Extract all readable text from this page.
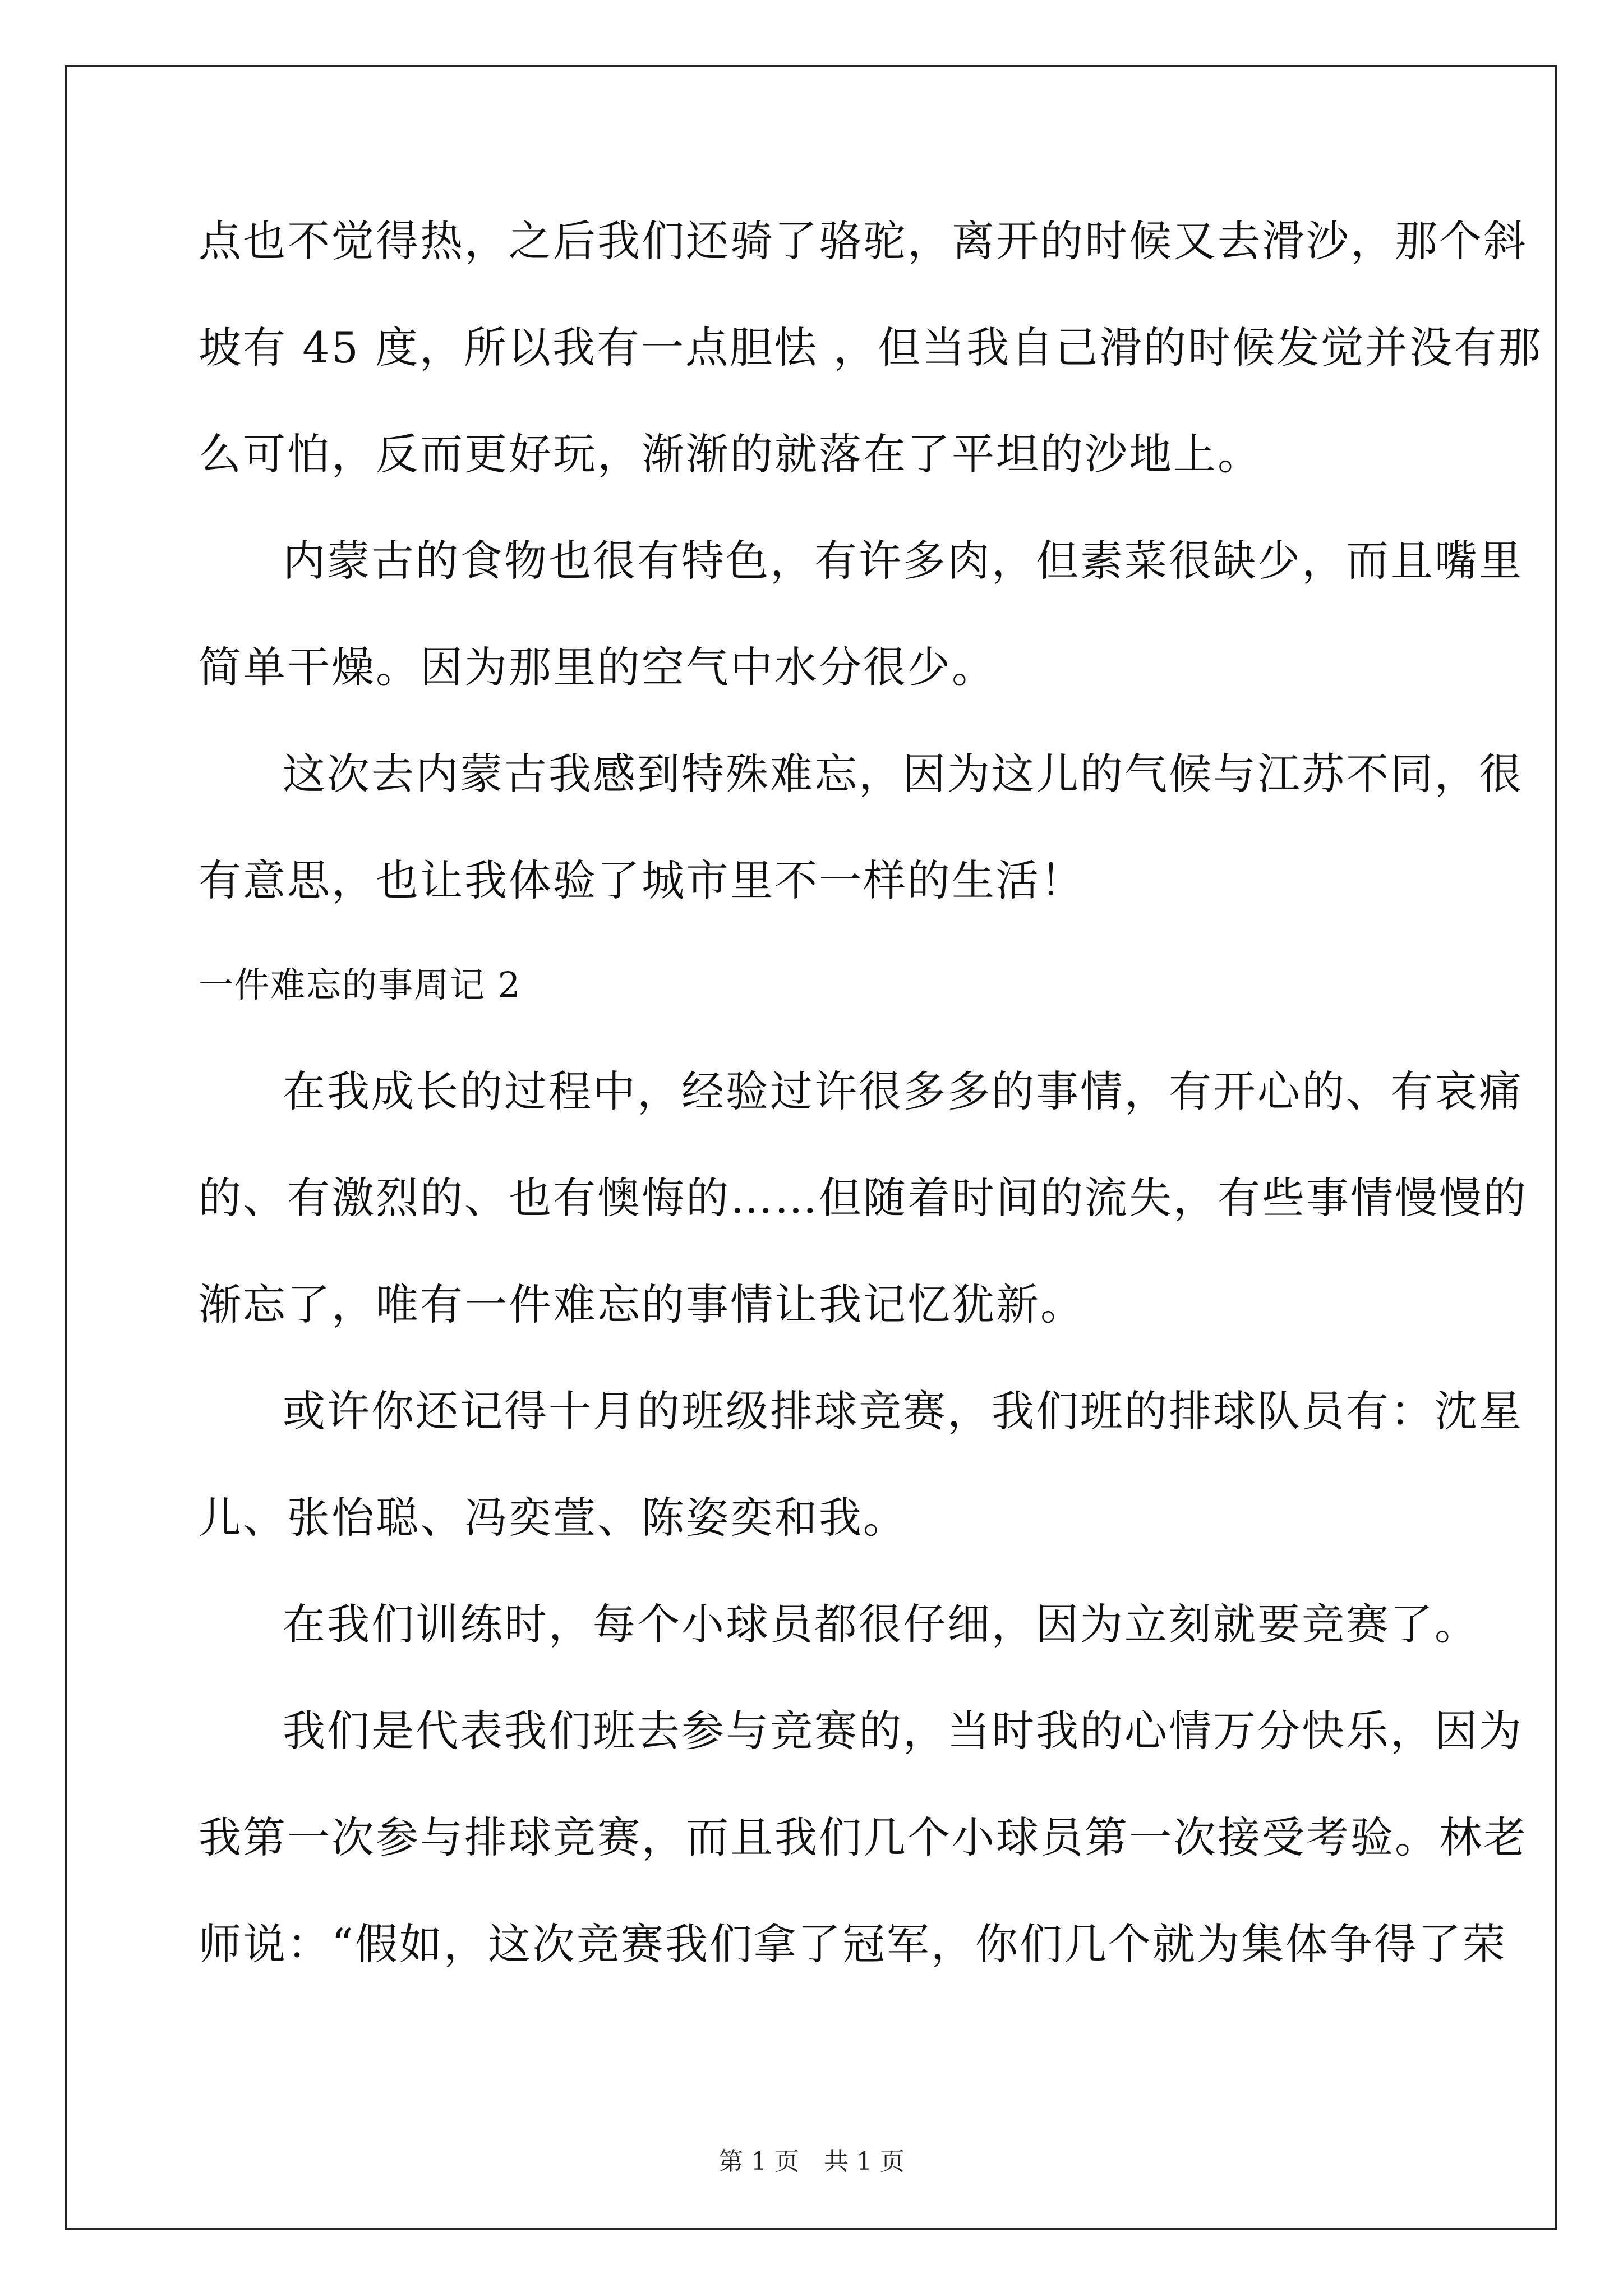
点也不觉得热，之后我们还骑了骆驼，离开的时候又去滑沙，那个斜
坡有 45 度，所以我有一点胆怯 ，但当我自己滑的时候发觉并没有那
么可怕，反而更好玩，渐渐的就落在了平坦的沙地上。
内蒙古的食物也很有特色，有许多肉，但素菜很缺少，而且嘴里
简单干燥。因为那里的空气中水分很少。
这次去内蒙古我感到特殊难忘，因为这儿的气候与江苏不同，很
有意思，也让我体验了城市里不一样的生活！
一件难忘的事周记 2
在我成长的过程中，经验过许很多多的事情，有开心的、有哀痛
的、有激烈的、也有懊悔的……但随着时间的流失，有些事情慢慢的
渐忘了，唯有一件难忘的事情让我记忆犹新。
或许你还记得十月的班级排球竞赛，我们班的排球队员有：沈星
儿、张怡聪、冯奕萱、陈姿奕和我。
在我们训练时，每个小球员都很仔细，因为立刻就要竞赛了。
我们是代表我们班去参与竞赛的，当时我的心情万分快乐，因为
我第一次参与排球竞赛，而且我们几个小球员第一次接受考验。林老
师说：“假如，这次竞赛我们拿了冠军，你们几个就为集体争得了荣
第 1 页　共 1 页
